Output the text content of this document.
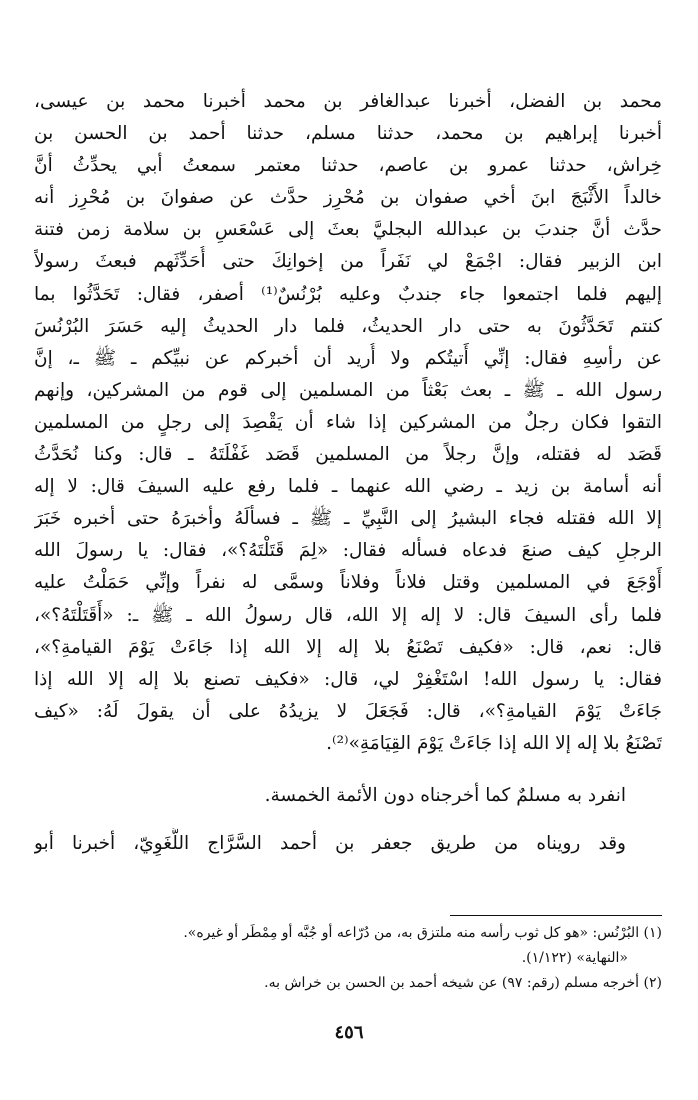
محمد بن الفضل، أخبرنا عبدالغافر بن محمد أخبرنا محمد بن عيسى،

أخبرنا إبراهيم بن محمد، حدثنا مسلم، حدثنا أحمد بن الحسن بن

خِراش، حدثنا عمرو بن عاصم، حدثنا معتمر سمعتُ أبي يحدِّثُ أنَّ

خالداً الأَثْبَجَ ابنَ أخي صفوان بن مُحْرِز حدَّث عن صفوانَ بن مُحْرِز أنه

حدَّث أنَّ جندبَ بن عبدالله البجليَّ بعثَ إلى عَسْعَسِ بن سلامة زمن فتنة

ابن الزبير فقال: اجْمَعْ لي نَفَراً من إخوانِكَ حتى أُحَدِّثَهم فبعثَ رسولاً

إليهم فلما اجتمعوا جاء جندبٌ وعليه بُرْنُسٌ⁽¹⁾ أصفر، فقال: تَحَدَّثُوا بما

كنتم تَحَدَّثُونَ به حتى دار الحديثُ، فلما دار الحديثُ إليه حَسَرَ البُرْنُسَ

عن رأسِهِ فقال: إنِّي أَتيتُكم ولا أُريد أن أخبركم عن نبيِّكم ـ ﷺ ـ، إنَّ

رسول الله ـ ﷺ ـ بعث بَعْثاً من المسلمين إلى قوم من المشركين، وإنهم

التقوا فكان رجلٌ من المشركين إذا شاء أن يَقْصِدَ إلى رجلٍ من المسلمين

قَصَد له فقتله، وإنَّ رجلاً من المسلمين قَصَد غَفْلَتَهُ ـ قال: وكنا نُحَدَّثُ

أنه أسامة بن زيد ـ رضي الله عنهما ـ فلما رفع عليه السيفَ قال: لا إله

إلا الله فقتله فجاء البشيرُ إلى النَّبِيِّ ـ ﷺ ـ فسألَهُ وأخبرَهُ حتى أخبره خَبَرَ

الرجلِ كيف صنعَ فدعاه فسأله فقال: «لِمَ قَتَلْتَهُ؟»، فقال: يا رسولَ الله

أَوْجَعَ في المسلمين وقتل فلاناً وفلاناً وسمَّى له نفراً وإنِّي حَمَلْتُ عليه

فلما رأى السيفَ قال: لا إله إلا الله، قال رسولُ الله ـ ﷺ ـ: «أَقَتَلْتَهُ؟»،

قال: نعم، قال: «فكيف تَصْنَعُ بلا إله إلا الله إذا جَاءَتْ يَوْمَ القيامةِ؟»،

فقال: يا رسول الله! اسْتَغْفِرْ لي، قال: «فكيف تصنع بلا إله إلا الله إذا

جَاءَتْ يَوْمَ القيامةِ؟»، قال: فَجَعَلَ لا يزيدُهُ على أن يقولَ لَهُ: «كيف

تَصْنَعُ بلا إله إلا الله إذا جَاءَتْ يَوْمَ القِيَامَةِ»⁽²⁾.

انفرد به مسلمٌ كما أخرجناه دون الأئمة الخمسة.

وقد رويناه من طريق جعفر بن أحمد السَّرَّاج اللُّغَوِيّ، أخبرنا أبو

(١) البُرْنُس: «هو كل ثوب رأسه منه ملتزق به، من دُرّاعه أو جُبَّه أو مِمْطَر أو غيره».

«النهاية» (١/١٢٢).

(٢) أخرجه مسلم (رقم: ٩٧) عن شيخه أحمد بن الحسن بن خراش به.

٤٥٦
